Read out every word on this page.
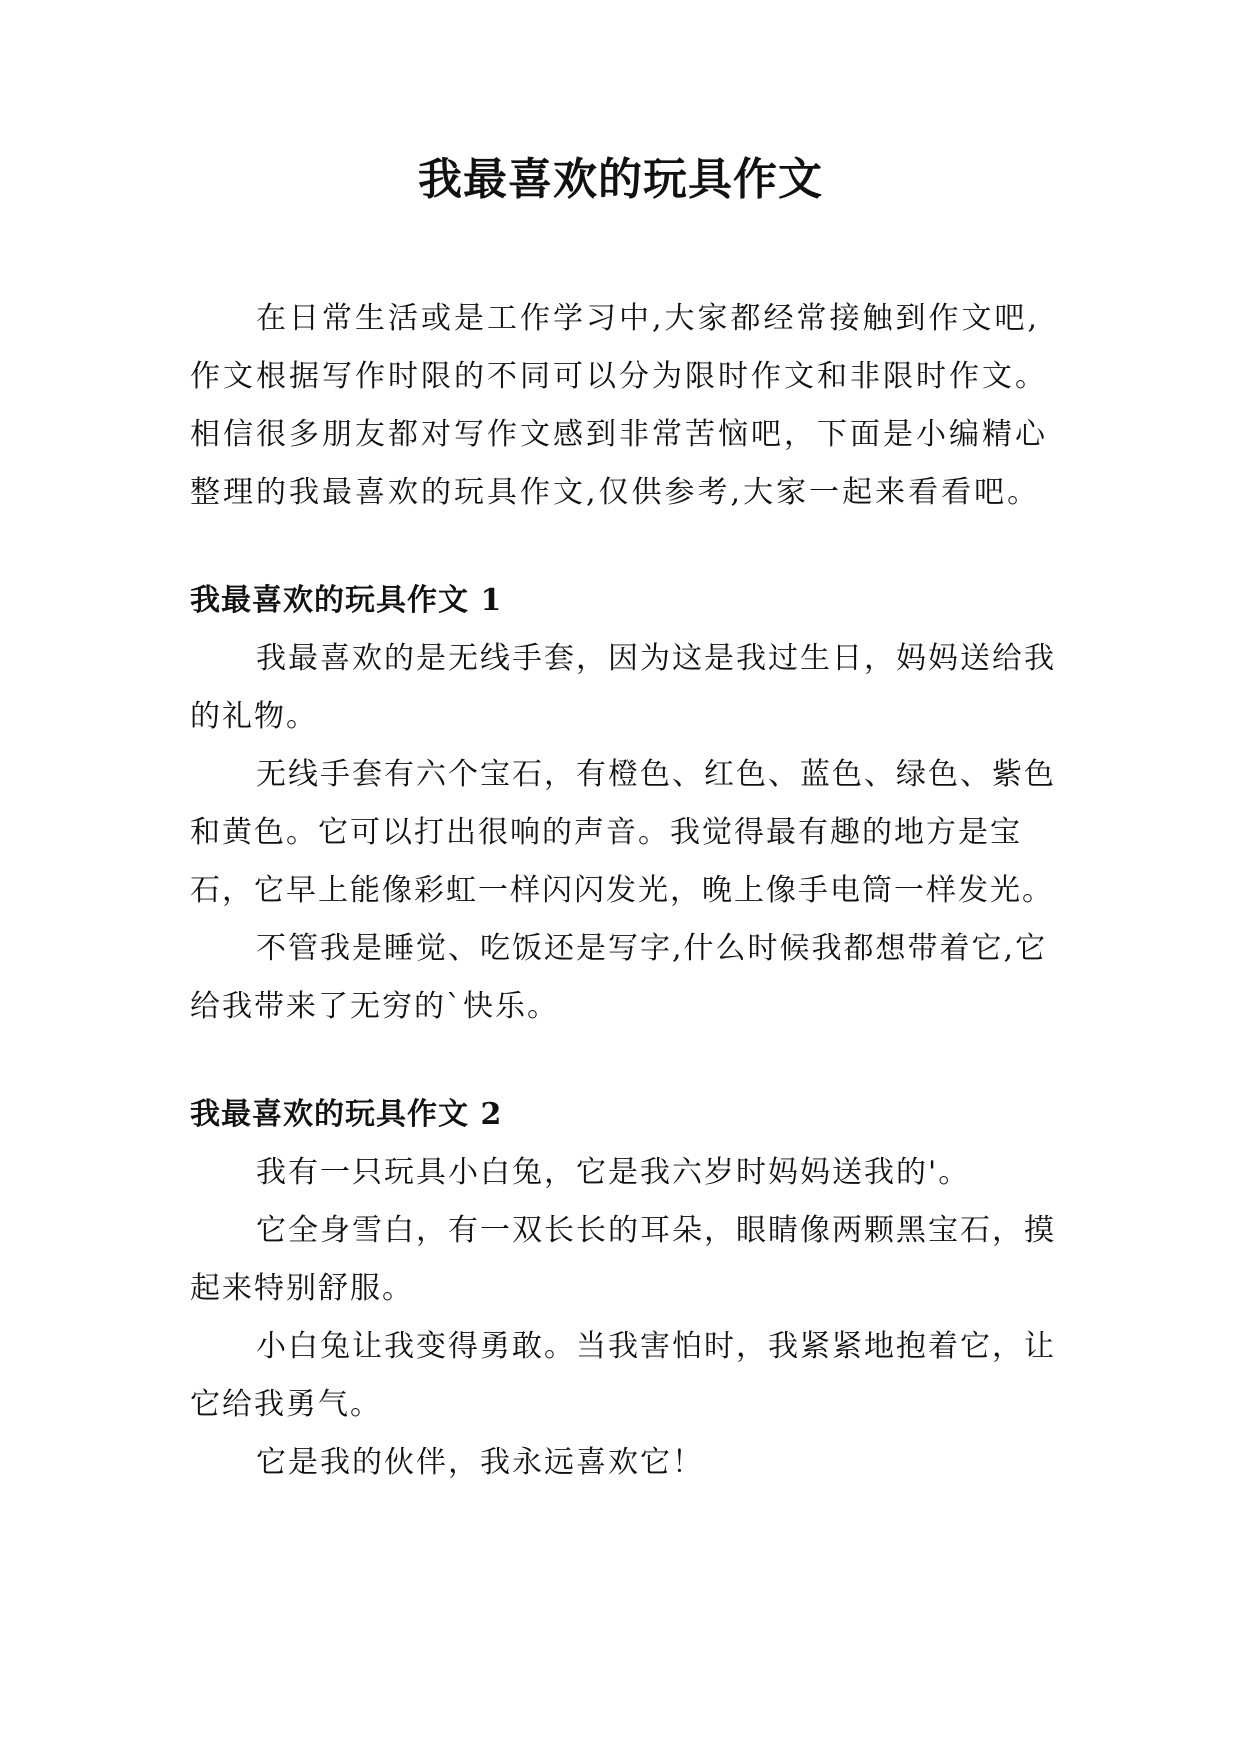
我最喜欢的玩具作文

在日常生活或是工作学习中,大家都经常接触到作文吧,作文根据写作时限的不同可以分为限时作文和非限时作文。相信很多朋友都对写作文感到非常苦恼吧，下面是小编精心整理的我最喜欢的玩具作文,仅供参考,大家一起来看看吧。

我最喜欢的玩具作文 1

我最喜欢的是无线手套，因为这是我过生日，妈妈送给我的礼物。

无线手套有六个宝石，有橙色、红色、蓝色、绿色、紫色和黄色。它可以打出很响的声音。我觉得最有趣的地方是宝石，它早上能像彩虹一样闪闪发光，晚上像手电筒一样发光。

不管我是睡觉、吃饭还是写字,什么时候我都想带着它,它给我带来了无穷的`快乐。

我最喜欢的玩具作文 2

我有一只玩具小白兔，它是我六岁时妈妈送我的'。

它全身雪白，有一双长长的耳朵，眼睛像两颗黑宝石，摸起来特别舒服。

小白兔让我变得勇敢。当我害怕时，我紧紧地抱着它，让它给我勇气。

它是我的伙伴，我永远喜欢它！
